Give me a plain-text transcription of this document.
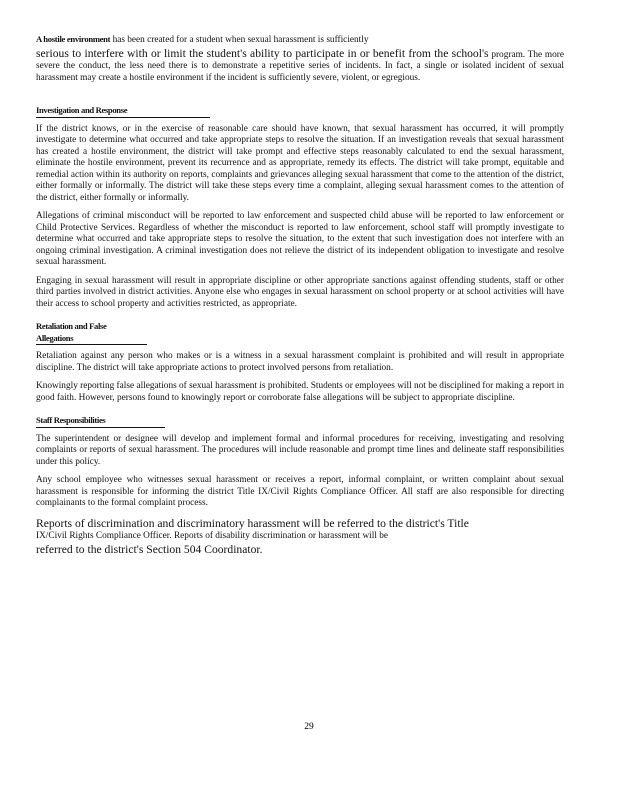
A hostile environment has been created for a student when sexual harassment is sufficiently
serious to interfere with or limit the student's ability to participate in or benefit from the school's program. The more severe the conduct, the less need there is to demonstrate a repetitive series of incidents. In fact, a single or isolated incident of sexual harassment may create a hostile environment if the incident is sufficiently severe, violent, or egregious.

Investigation and Response

If the district knows, or in the exercise of reasonable care should have known, that sexual harassment has occurred, it will promptly investigate to determine what occurred and take appropriate steps to resolve the situation. If an investigation reveals that sexual harassment has created a hostile environment, the district will take prompt and effective steps reasonably calculated to end the sexual harassment, eliminate the hostile environment, prevent its recurrence and as appropriate, remedy its effects. The district will take prompt, equitable and remedial action within its authority on reports, complaints and grievances alleging sexual harassment that come to the attention of the district, either formally or informally. The district will take these steps every time a complaint, alleging sexual harassment comes to the attention of the district, either formally or informally.

Allegations of criminal misconduct will be reported to law enforcement and suspected child abuse will be reported to law enforcement or Child Protective Services. Regardless of whether the misconduct is reported to law enforcement, school staff will promptly investigate to determine what occurred and take appropriate steps to resolve the situation, to the extent that such investigation does not interfere with an ongoing criminal investigation. A criminal investigation does not relieve the district of its independent obligation to investigate and resolve sexual harassment.

Engaging in sexual harassment will result in appropriate discipline or other appropriate sanctions against offending students, staff or other third parties involved in district activities. Anyone else who engages in sexual harassment on school property or at school activities will have their access to school property and activities restricted, as appropriate.

Retaliation and False Allegations

Retaliation against any person who makes or is a witness in a sexual harassment complaint is prohibited and will result in appropriate discipline. The district will take appropriate actions to protect involved persons from retaliation.

Knowingly reporting false allegations of sexual harassment is prohibited. Students or employees will not be disciplined for making a report in good faith. However, persons found to knowingly report or corroborate false allegations will be subject to appropriate discipline.

Staff Responsibilities

The superintendent or designee will develop and implement formal and informal procedures for receiving, investigating and resolving complaints or reports of sexual harassment. The procedures will include reasonable and prompt time lines and delineate staff responsibilities under this policy.

Any school employee who witnesses sexual harassment or receives a report, informal complaint, or written complaint about sexual harassment is responsible for informing the district Title IX/Civil Rights Compliance Officer. All staff are also responsible for directing complainants to the formal complaint process.

Reports of discrimination and discriminatory harassment will be referred to the district's Title
IX/Civil Rights Compliance Officer. Reports of disability discrimination or harassment will be
referred to the district's Section 504 Coordinator.

29
